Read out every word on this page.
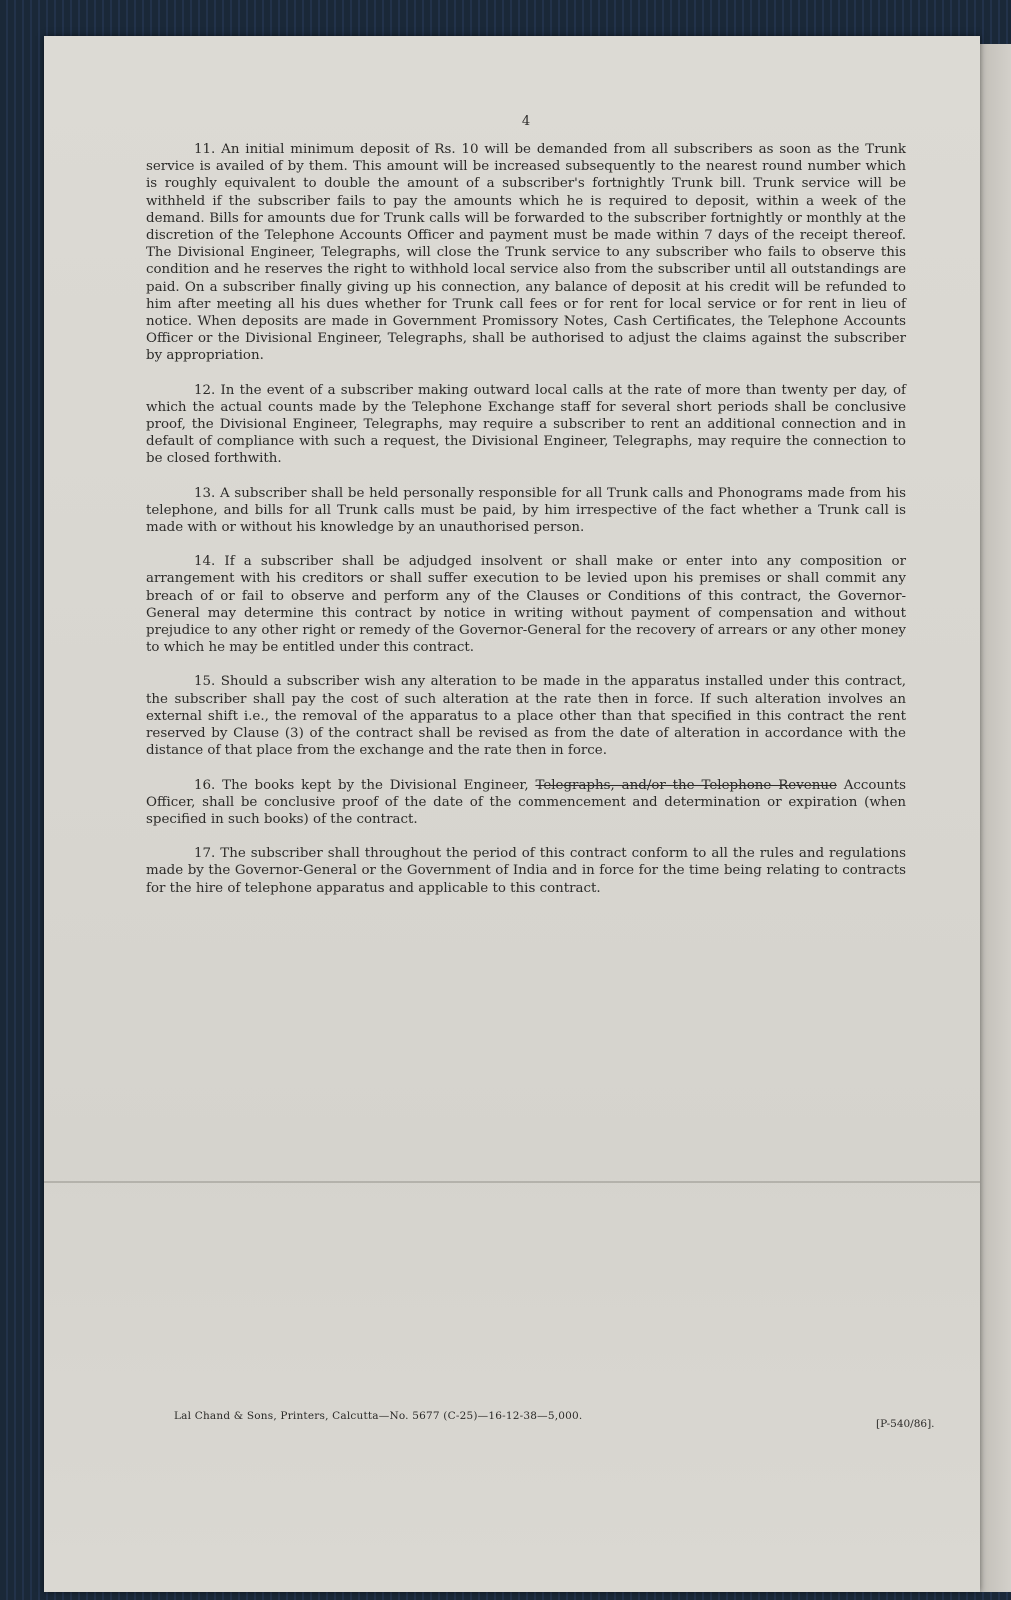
4

11. An initial minimum deposit of Rs. 10 will be demanded from all subscribers as soon as the Trunk service is availed of by them. This amount will be increased subsequently to the nearest round number which is roughly equivalent to double the amount of a subscriber's fortnightly Trunk bill. Trunk service will be withheld if the subscriber fails to pay the amounts which he is required to deposit, within a week of the demand. Bills for amounts due for Trunk calls will be forwarded to the subscriber fortnightly or monthly at the discretion of the Telephone Accounts Officer and payment must be made within 7 days of the receipt thereof. The Divisional Engineer, Telegraphs, will close the Trunk service to any subscriber who fails to observe this condition and he reserves the right to withhold local service also from the subscriber until all outstandings are paid. On a subscriber finally giving up his connection, any balance of deposit at his credit will be refunded to him after meeting all his dues whether for Trunk call fees or for rent for local service or for rent in lieu of notice. When deposits are made in Government Promissory Notes, Cash Certificates, the Telephone Accounts Officer or the Divisional Engineer, Telegraphs, shall be authorised to adjust the claims against the subscriber by appropriation.

12. In the event of a subscriber making outward local calls at the rate of more than twenty per day, of which the actual counts made by the Telephone Exchange staff for several short periods shall be conclusive proof, the Divisional Engineer, Telegraphs, may require a subscriber to rent an additional connection and in default of compliance with such a request, the Divisional Engineer, Telegraphs, may require the connection to be closed forthwith.

13. A subscriber shall be held personally responsible for all Trunk calls and Phonograms made from his telephone, and bills for all Trunk calls must be paid, by him irrespective of the fact whether a Trunk call is made with or without his knowledge by an unauthorised person.

14. If a subscriber shall be adjudged insolvent or shall make or enter into any composition or arrangement with his creditors or shall suffer execution to be levied upon his premises or shall commit any breach of or fail to observe and perform any of the Clauses or Conditions of this contract, the Governor-General may determine this contract by notice in writing without payment of compensation and without prejudice to any other right or remedy of the Governor-General for the recovery of arrears or any other money to which he may be entitled under this contract.

15. Should a subscriber wish any alteration to be made in the apparatus installed under this contract, the subscriber shall pay the cost of such alteration at the rate then in force. If such alteration involves an external shift i.e., the removal of the apparatus to a place other than that specified in this contract the rent reserved by Clause (3) of the contract shall be revised as from the date of alteration in accordance with the distance of that place from the exchange and the rate then in force.

16. The books kept by the Divisional Engineer, Telegraphs, and/or the Telephone Revenue Accounts Officer, shall be conclusive proof of the date of the commencement and determination or expiration (when specified in such books) of the contract.

17. The subscriber shall throughout the period of this contract conform to all the rules and regulations made by the Governor-General or the Government of India and in force for the time being relating to contracts for the hire of telephone apparatus and applicable to this contract.

Lal Chand & Sons, Printers, Calcutta—No. 5677 (C-25)—16-12-38—5,000.
[P-540/86].
